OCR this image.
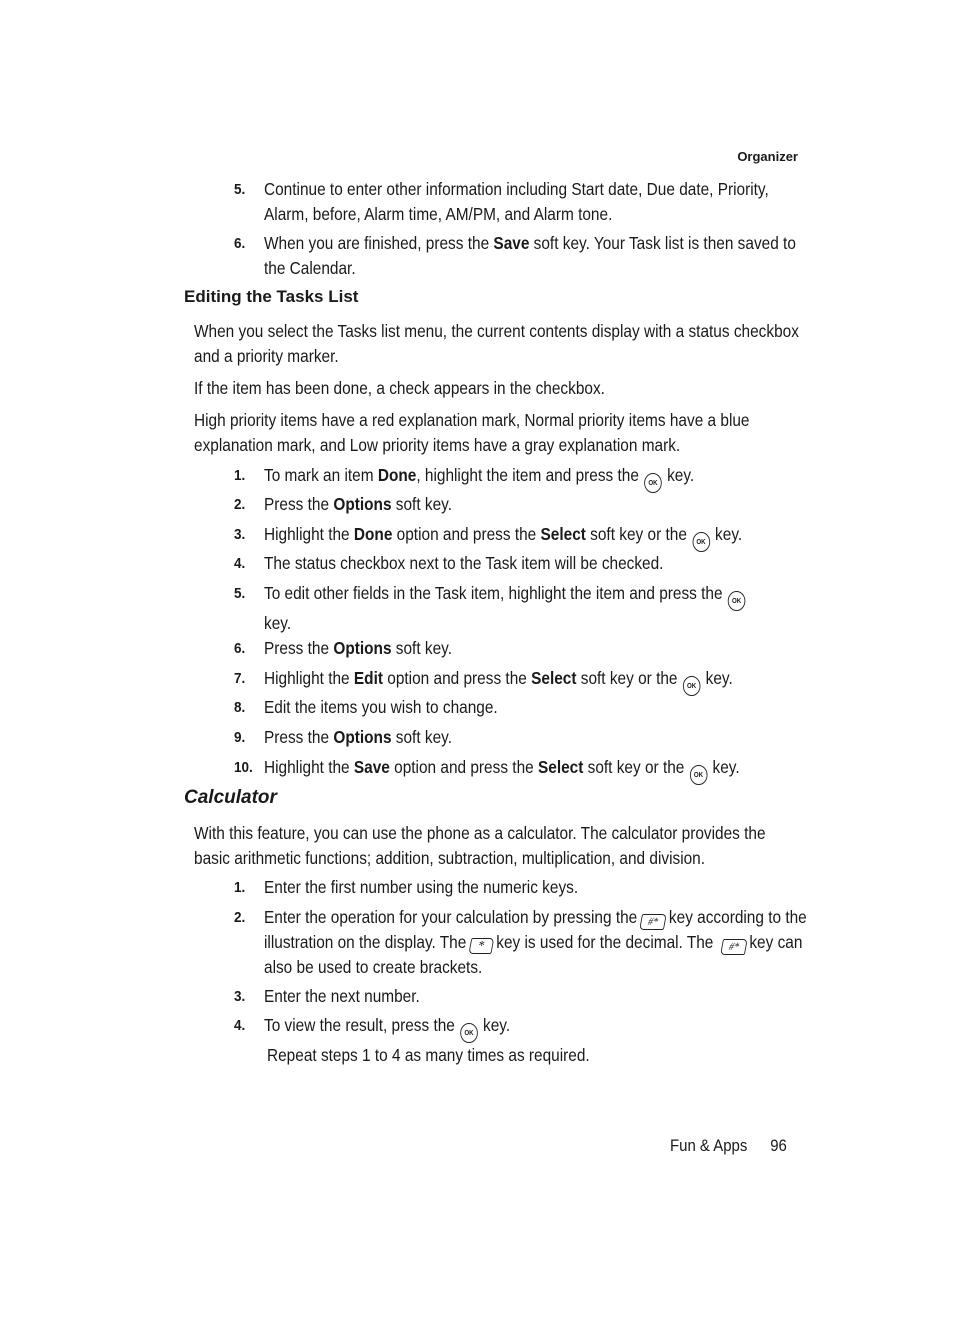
Organizer
5. Continue to enter other information including Start date, Due date, Priority, Alarm, before, Alarm time, AM/PM, and Alarm tone.
6. When you are finished, press the Save soft key. Your Task list is then saved to the Calendar.
Editing the Tasks List
When you select the Tasks list menu, the current contents display with a status checkbox and a priority marker.
If the item has been done, a check appears in the checkbox.
High priority items have a red explanation mark, Normal priority items have a blue explanation mark, and Low priority items have a gray explanation mark.
1. To mark an item Done, highlight the item and press the OK key.
2. Press the Options soft key.
3. Highlight the Done option and press the Select soft key or the OK key.
4. The status checkbox next to the Task item will be checked.
5. To edit other fields in the Task item, highlight the item and press the OK
key.
6. Press the Options soft key.
7. Highlight the Edit option and press the Select soft key or the OK key.
8. Edit the items you wish to change.
9. Press the Options soft key.
10. Highlight the Save option and press the Select soft key or the OK key.
Calculator
With this feature, you can use the phone as a calculator. The calculator provides the basic arithmetic functions; addition, subtraction, multiplication, and division.
1. Enter the first number using the numeric keys.
2. Enter the operation for your calculation by pressing the #* key according to the illustration on the display. The * key is used for the decimal. The #* key can also be used to create brackets.
3. Enter the next number.
4. To view the result, press the OK key.
Repeat steps 1 to 4 as many times as required.
Fun & Apps 96
